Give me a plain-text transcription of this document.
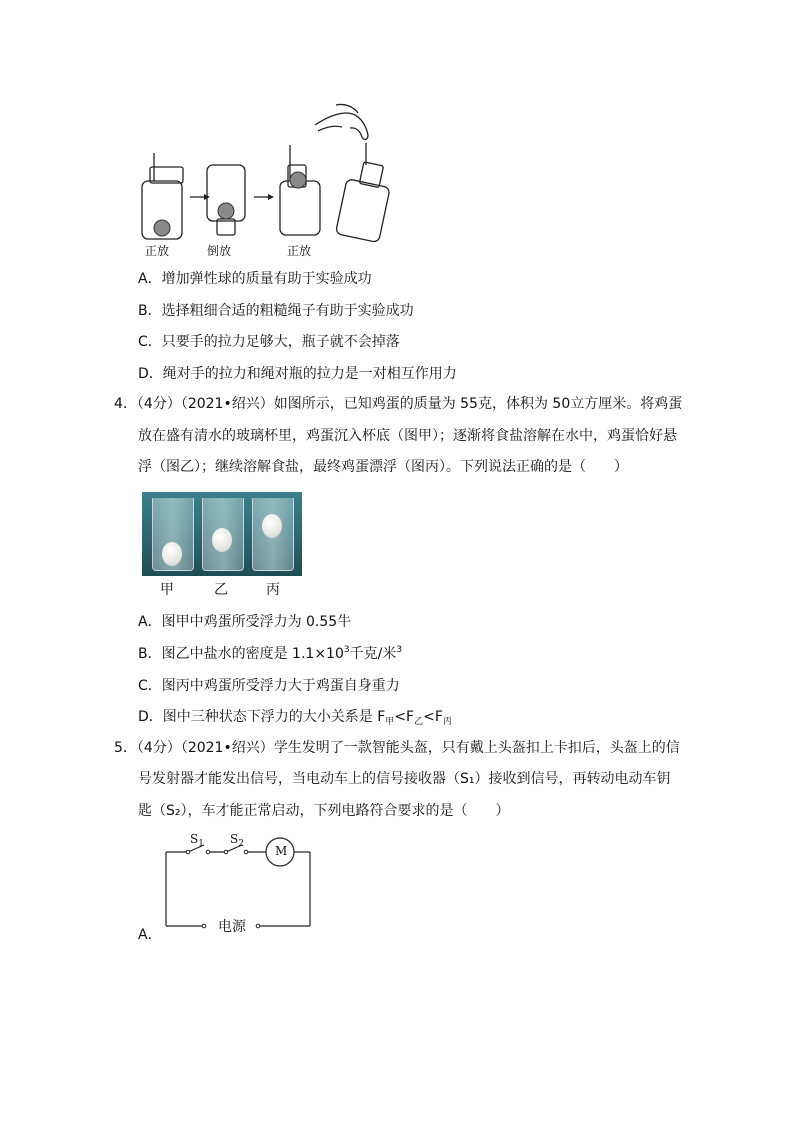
正放	倒放	正放
A．增加弹性球的质量有助于实验成功
B．选择粗细合适的粗糙绳子有助于实验成功
C．只要手的拉力足够大，瓶子就不会掉落
D．绳对手的拉力和绳对瓶的拉力是一对相互作用力
4．（4分）（2021•绍兴）如图所示，已知鸡蛋的质量为 55克，体积为 50立方厘米。将鸡蛋
放在盛有清水的玻璃杯里，鸡蛋沉入杯底（图甲）；逐渐将食盐溶解在水中，鸡蛋恰好悬
浮（图乙）；继续溶解食盐，最终鸡蛋漂浮（图丙）。下列说法正确的是（　　）
甲	乙	丙
A．图甲中鸡蛋所受浮力为 0.55牛
B．图乙中盐水的密度是 $1.1\times 10^3$千克/米$^3$
C．图丙中鸡蛋所受浮力大于鸡蛋自身重力
D．图中三种状态下浮力的大小关系是 $F_甲<F_乙<F_丙$
5．（4分）（2021•绍兴）学生发明了一款智能头盔，只有戴上头盔扣上卡扣后，头盔上的信
号发射器才能发出信号，当电动车上的信号接收器（S₁）接收到信号，再转动电动车钥
匙（S₂），车才能正常启动，下列电路符合要求的是（　　）
$S_1$ $S_2$	M
电源
A．
